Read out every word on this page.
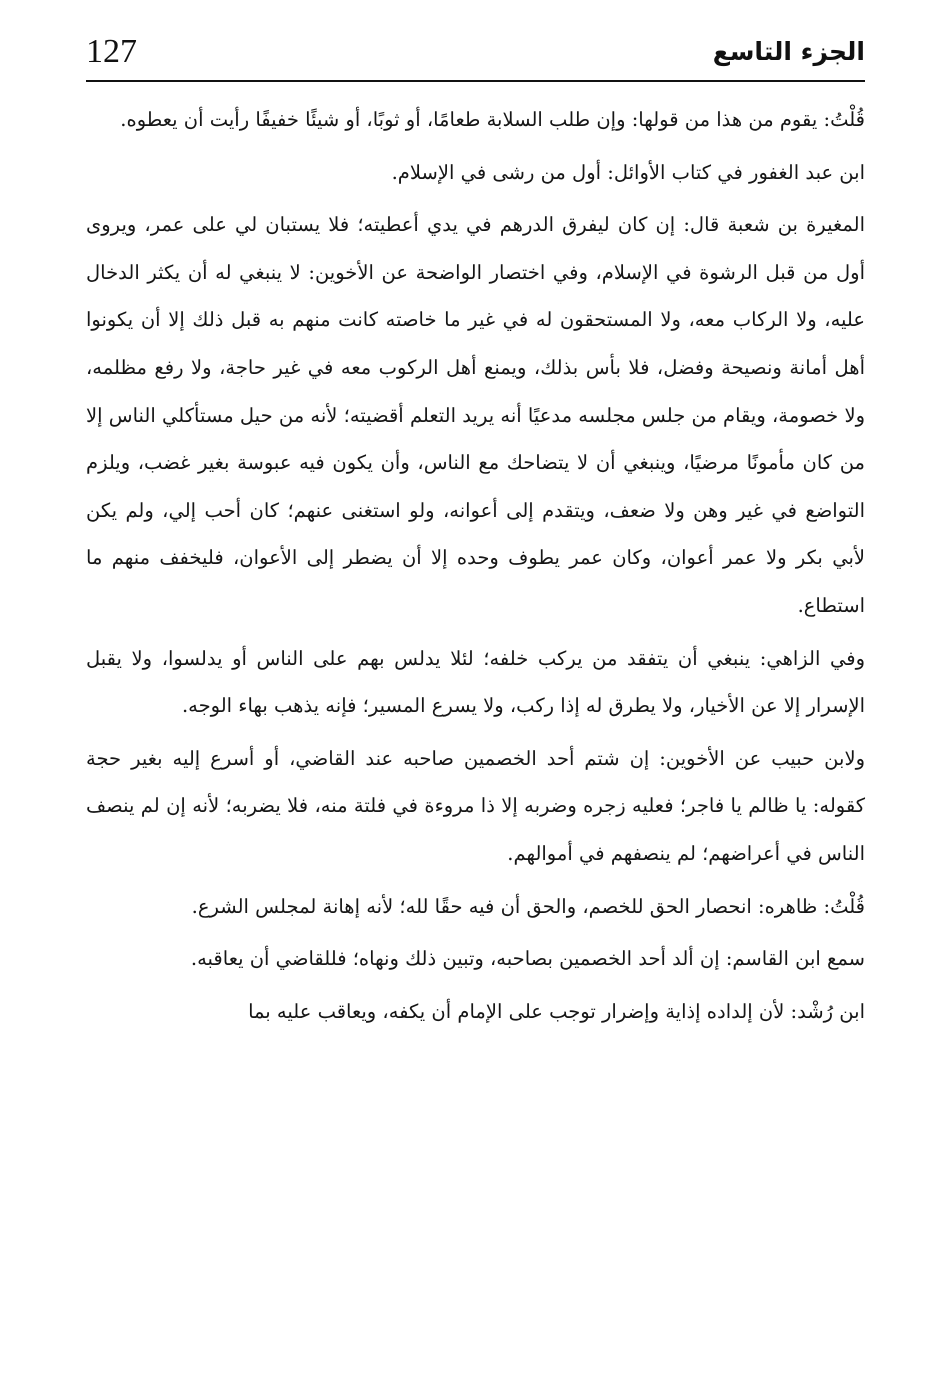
127	الجزء التاسع

قُلْتُ: يقوم من هذا من قولها: وإن طلب السلابة طعامًا، أو ثوبًا، أو شيئًا خفيفًا رأيت أن يعطوه.

ابن عبد الغفور في كتاب الأوائل: أول من رشى في الإسلام.

المغيرة بن شعبة قال: إن كان ليفرق الدرهم في يدي أعطيته؛ فلا يستبان لي على عمر، ويروى أول من قبل الرشوة في الإسلام، وفي اختصار الواضحة عن الأخوين: لا ينبغي له أن يكثر الدخال عليه، ولا الركاب معه، ولا المستحقون له في غير ما خاصته كانت منهم به قبل ذلك إلا أن يكونوا أهل أمانة ونصيحة وفضل، فلا بأس بذلك، ويمنع أهل الركوب معه في غير حاجة، ولا رفع مظلمه، ولا خصومة، ويقام من جلس مجلسه مدعيًا أنه يريد التعلم أقضيته؛ لأنه من حيل مستأكلي الناس إلا من كان مأمونًا مرضيًا، وينبغي أن لا يتضاحك مع الناس، وأن يكون فيه عبوسة بغير غضب، ويلزم التواضع في غير وهن ولا ضعف، ويتقدم إلى أعوانه، ولو استغنى عنهم؛ كان أحب إلي، ولم يكن لأبي بكر ولا عمر أعوان، وكان عمر يطوف وحده إلا أن يضطر إلى الأعوان، فليخفف منهم ما استطاع.

وفي الزاهي: ينبغي أن يتفقد من يركب خلفه؛ لئلا يدلس بهم على الناس أو يدلسوا، ولا يقبل الإسرار إلا عن الأخيار، ولا يطرق له إذا ركب، ولا يسرع المسير؛ فإنه يذهب بهاء الوجه.

ولابن حبيب عن الأخوين: إن شتم أحد الخصمين صاحبه عند القاضي، أو أسرع إليه بغير حجة كقوله: يا ظالم يا فاجر؛ فعليه زجره وضربه إلا ذا مروءة في فلتة منه، فلا يضربه؛ لأنه إن لم ينصف الناس في أعراضهم؛ لم ينصفهم في أموالهم.

قُلْتُ: ظاهره: انحصار الحق للخصم، والحق أن فيه حقًا لله؛ لأنه إهانة لمجلس الشرع.

سمع ابن القاسم: إن ألد أحد الخصمين بصاحبه، وتبين ذلك ونهاه؛ فللقاضي أن يعاقبه.

ابن رُشْد: لأن إلداده إذاية وإضرار توجب على الإمام أن يكفه، ويعاقب عليه بما
